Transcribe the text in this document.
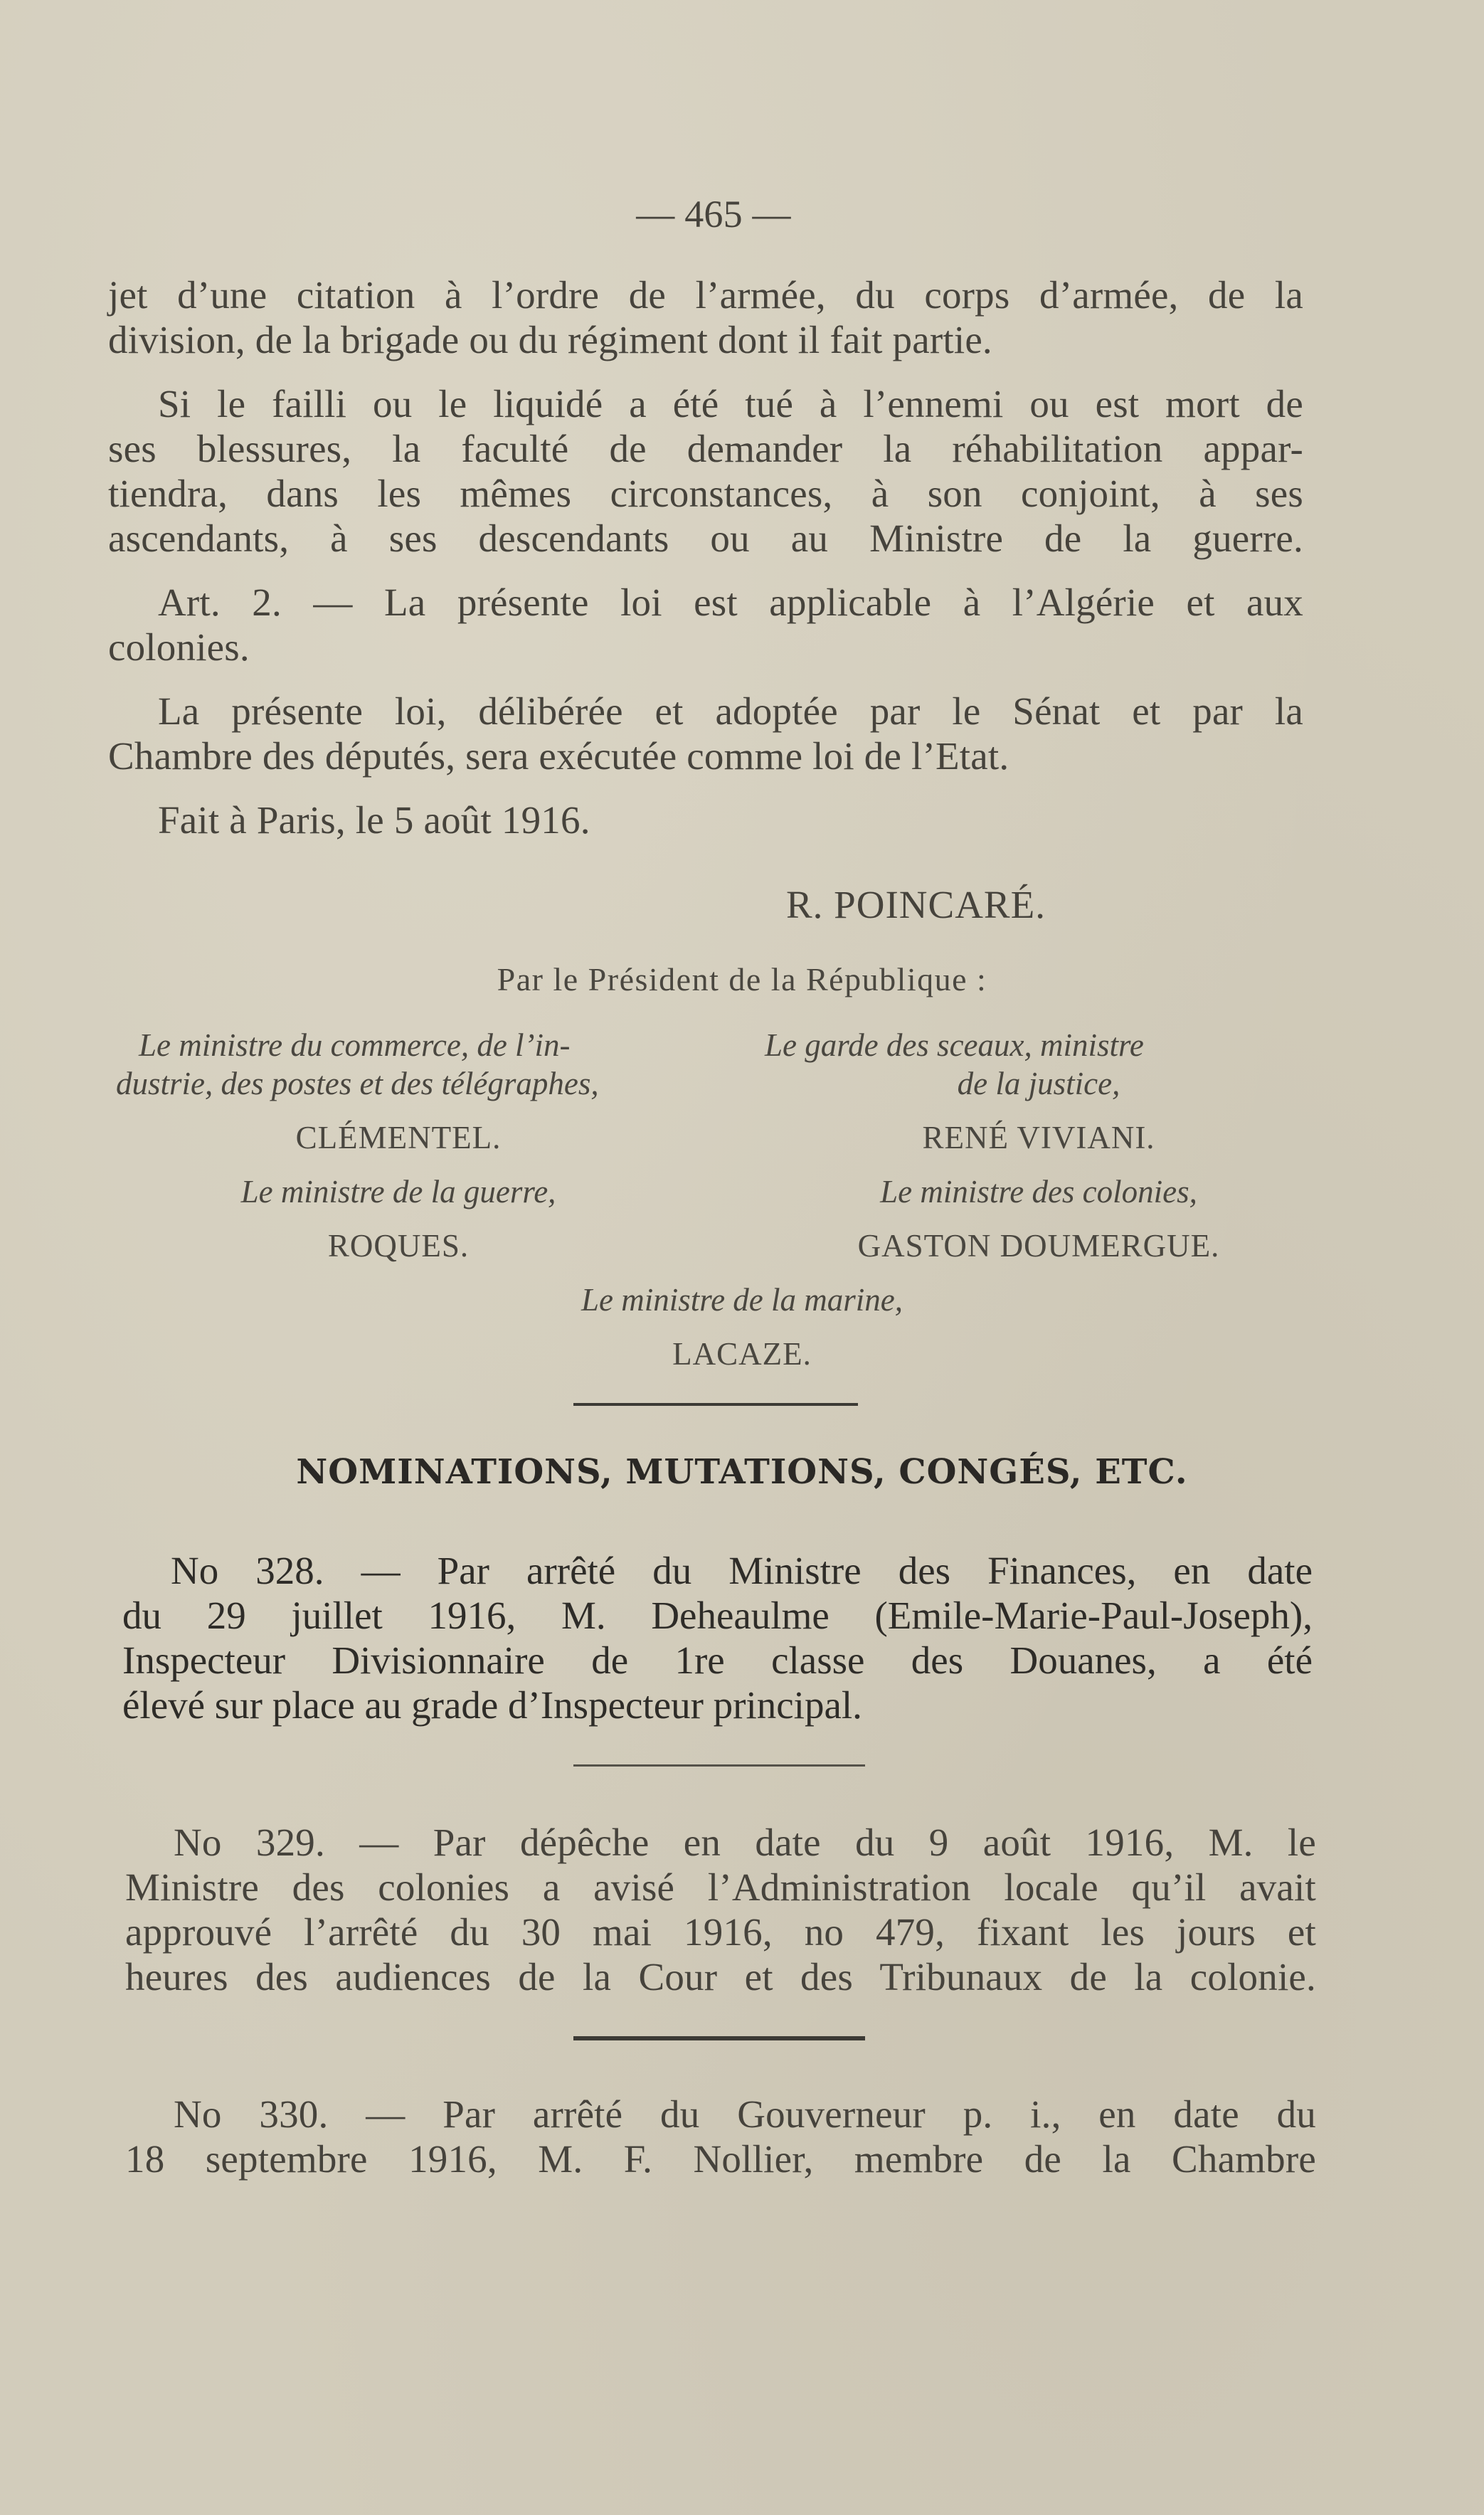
— 465 —
jet d’une citation à l’ordre de l’armée, du corps d’armée, de la
division, de la brigade ou du régiment dont il fait partie.
Si le failli ou le liquidé a été tué à l’ennemi ou est mort de
ses blessures, la faculté de demander la réhabilitation appar-
tiendra, dans les mêmes circonstances, à son conjoint, à ses
ascendants, à ses descendants ou au Ministre de la guerre.
Art. 2. — La présente loi est applicable à l’Algérie et aux
colonies.
La présente loi, délibérée et adoptée par le Sénat et par la
Chambre des députés, sera exécutée comme loi de l’Etat.
Fait à Paris, le 5 août 1916.
R. POINCARÉ.
Par le Président de la République :
Le ministre du commerce, de l’in-
dustrie, des postes et des télégraphes,
CLÉMENTEL.
Le ministre de la guerre,
ROQUES.
Le garde des sceaux, ministre
de la justice,
RENÉ VIVIANI.
Le ministre des colonies,
GASTON DOUMERGUE.
Le ministre de la marine,
LACAZE.
NOMINATIONS, MUTATIONS, CONGÉS, ETC.
No 328. — Par arrêté du Ministre des Finances, en date
du 29 juillet 1916, M. Deheaulme (Emile-Marie-Paul-Joseph),
Inspecteur Divisionnaire de 1re classe des Douanes, a été
élevé sur place au grade d’Inspecteur principal.
No 329. — Par dépêche en date du 9 août 1916, M. le
Ministre des colonies a avisé l’Administration locale qu’il avait
approuvé l’arrêté du 30 mai 1916, no 479, fixant les jours et
heures des audiences de la Cour et des Tribunaux de la colonie.
No 330. — Par arrêté du Gouverneur p. i., en date du
18 septembre 1916, M. F. Nollier, membre de la Chambre
